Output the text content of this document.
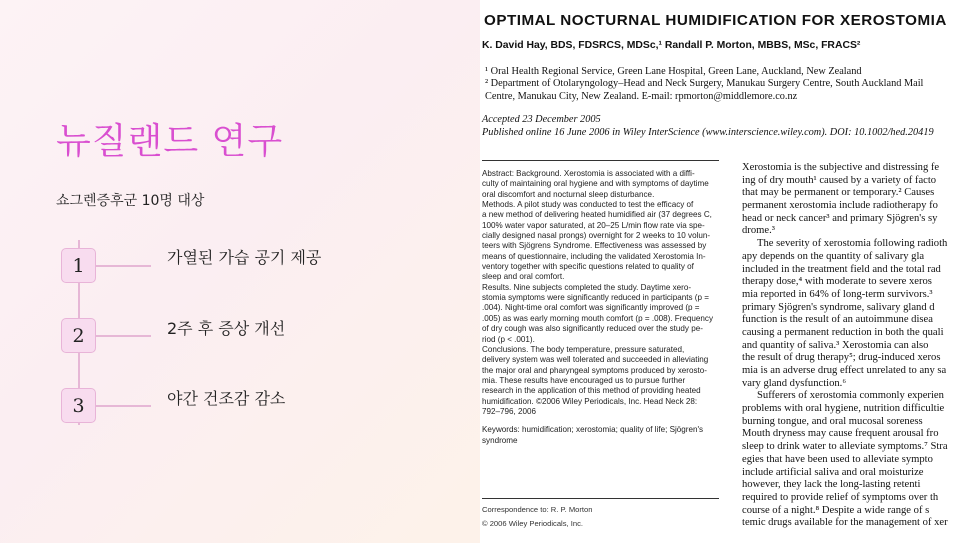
뉴질랜드 연구
쇼그렌증후군 10명 대상
1	가열된 가습 공기 제공
2	2주 후 증상 개선
3	야간 건조감 감소
OPTIMAL NOCTURNAL HUMIDIFICATION FOR XEROSTOMIA
K. David Hay, BDS, FDSRCS, MDSc,¹ Randall P. Morton, MBBS, MSc, FRACS²
¹ Oral Health Regional Service, Green Lane Hospital, Green Lane, Auckland, New Zealand
² Department of Otolaryngology–Head and Neck Surgery, Manukau Surgery Centre, South Auckland Mail
Centre, Manukau City, New Zealand. E-mail: rpmorton@middlemore.co.nz
Accepted 23 December 2005
Published online 16 June 2006 in Wiley InterScience (www.interscience.wiley.com). DOI: 10.1002/hed.20419
Abstract: Background. Xerostomia is associated with a diffi-
culty of maintaining oral hygiene and with symptoms of daytime
oral discomfort and nocturnal sleep disturbance.
Methods. A pilot study was conducted to test the efficacy of
a new method of delivering heated humidified air (37 degrees C,
100% water vapor saturated, at 20–25 L/min flow rate via spe-
cially designed nasal prongs) overnight for 2 weeks to 10 volun-
teers with Sjögrens Syndrome. Effectiveness was assessed by
means of questionnaire, including the validated Xerostomia In-
ventory together with specific questions related to quality of
sleep and oral comfort.
Results. Nine subjects completed the study. Daytime xero-
stomia symptoms were significantly reduced in participants (p =
.004). Night-time oral comfort was significantly improved (p =
.005) as was early morning mouth comfort (p = .008). Frequency
of dry cough was also significantly reduced over the study pe-
riod (p < .001).
Conclusions. The body temperature, pressure saturated,
delivery system was well tolerated and succeeded in alleviating
the major oral and pharyngeal symptoms produced by xerosto-
mia. These results have encouraged us to pursue further
research in the application of this method of providing heated
humidification. ©2006 Wiley Periodicals, Inc. Head Neck 28:
792–796, 2006
Keywords: humidification; xerostomia; quality of life; Sjögren's
syndrome
Correspondence to: R. P. Morton
© 2006 Wiley Periodicals, Inc.
Xerostomia is the subjective and distressing fe
ing of dry mouth¹ caused by a variety of facto
that may be permanent or temporary.² Causes
permanent xerostomia include radiotherapy fo
head or neck cancer³ and primary Sjögren's sy
drome.³
The severity of xerostomia following radioth
apy depends on the quantity of salivary gla
included in the treatment field and the total rad
therapy dose,⁴ with moderate to severe xeros
mia reported in 64% of long-term survivors.³
primary Sjögren's syndrome, salivary gland d
function is the result of an autoimmune disea
causing a permanent reduction in both the quali
and quantity of saliva.³ Xerostomia can also
the result of drug therapy⁵; drug-induced xeros
mia is an adverse drug effect unrelated to any sa
vary gland dysfunction.⁶
Sufferers of xerostomia commonly experien
problems with oral hygiene, nutrition difficultie
burning tongue, and oral mucosal soreness
Mouth dryness may cause frequent arousal fro
sleep to drink water to alleviate symptoms.⁷ Stra
egies that have been used to alleviate sympto
include artificial saliva and oral moisturize
however, they lack the long-lasting retenti
required to provide relief of symptoms over th
course of a night.⁸ Despite a wide range of s
temic drugs available for the management of xer
